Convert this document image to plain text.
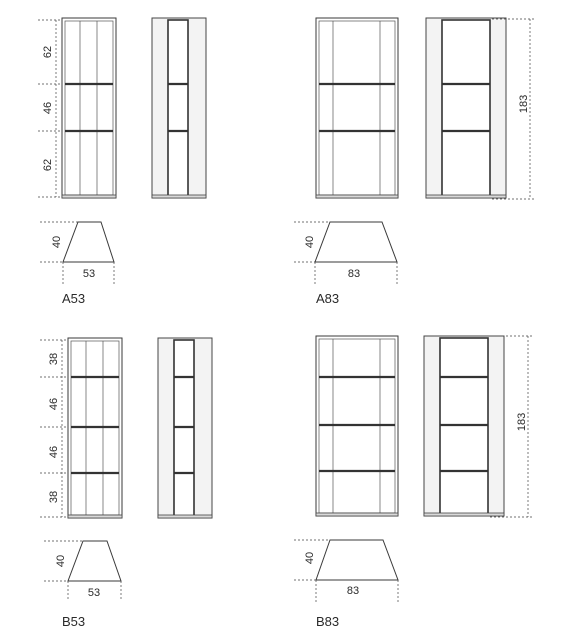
62
46
62
40
53
A53
183
40
83
A83
38
46
46
38
40
53
B53
183
40
83
B83
